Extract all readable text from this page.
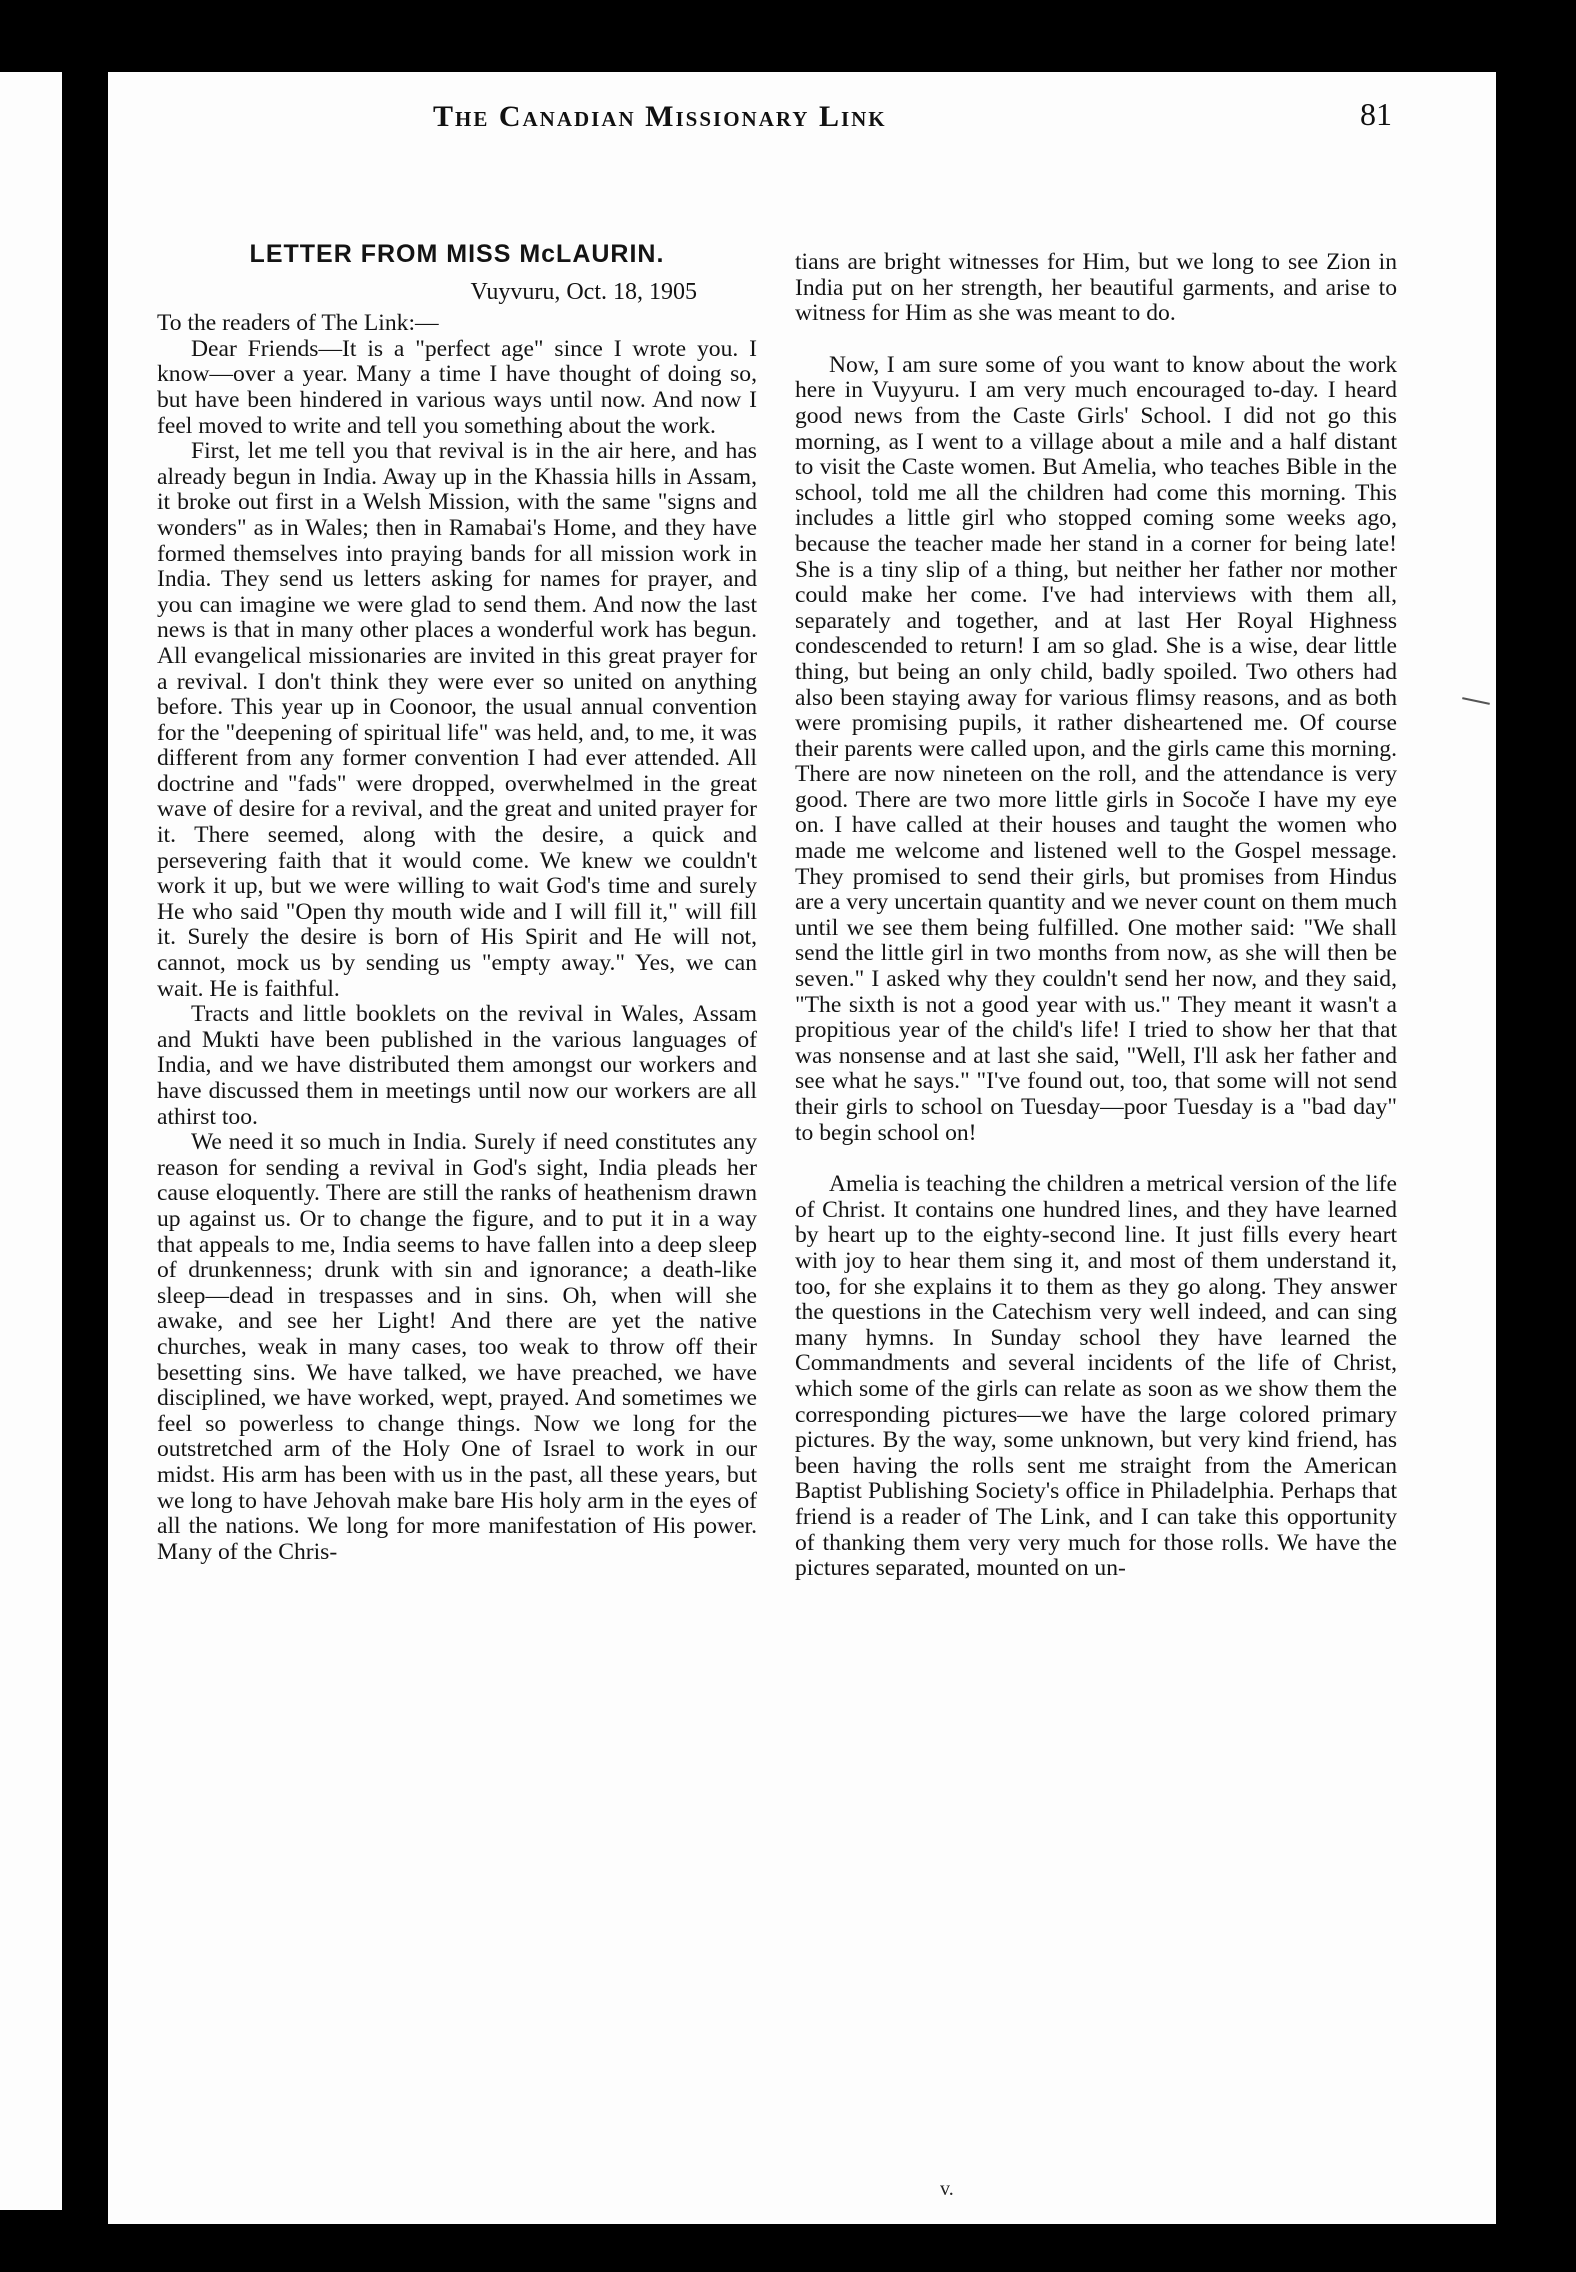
The Canadian Missionary Link	81
LETTER FROM MISS McLAURIN.
Vuyvuru, Oct. 18, 1905

To the readers of The Link:—

Dear Friends—It is a "perfect age" since I wrote you. I know—over a year. Many a time I have thought of doing so, but have been hindered in various ways until now. And now I feel moved to write and tell you something about the work.

First, let me tell you that revival is in the air here, and has already begun in India. Away up in the Khassia hills in Assam, it broke out first in a Welsh Mission, with the same "signs and wonders" as in Wales; then in Ramabai's Home, and they have formed themselves into praying bands for all mission work in India. They send us letters asking for names for prayer, and you can imagine we were glad to send them. And now the last news is that in many other places a wonderful work has begun. All evangelical missionaries are invited in this great prayer for a revival. I don't think they were ever so united on anything before. This year up in Coonoor, the usual annual convention for the "deepening of spiritual life" was held, and, to me, it was different from any former convention I had ever attended. All doctrine and "fads" were dropped, overwhelmed in the great wave of desire for a revival, and the great and united prayer for it. There seemed, along with the desire, a quick and persevering faith that it would come. We knew we couldn't work it up, but we were willing to wait God's time and surely He who said "Open thy mouth wide and I will fill it," will fill it. Surely the desire is born of His Spirit and He will not, cannot, mock us by sending us "empty away." Yes, we can wait. He is faithful.

Tracts and little booklets on the revival in Wales, Assam and Mukti have been published in the various languages of India, and we have distributed them amongst our workers and have discussed them in meetings until now our workers are all athirst too.

We need it so much in India. Surely if need constitutes any reason for sending a revival in God's sight, India pleads her cause eloquently. There are still the ranks of heathenism drawn up against us. Or to change the figure, and to put it in a way that appeals to me, India seems to have fallen into a deep sleep of drunkenness; drunk with sin and ignorance; a death-like sleep—dead in trespasses and in sins. Oh, when will she awake, and see her Light! And there are yet the native churches, weak in many cases, too weak to throw off their besetting sins. We have talked, we have preached, we have disciplined, we have worked, wept, prayed. And sometimes we feel so powerless to change things. Now we long for the outstretched arm of the Holy One of Israel to work in our midst. His arm has been with us in the past, all these years, but we long to have Jehovah make bare His holy arm in the eyes of all the nations. We long for more manifestation of His power. Many of the Chris-

tians are bright witnesses for Him, but we long to see Zion in India put on her strength, her beautiful garments, and arise to witness for Him as she was meant to do.

Now, I am sure some of you want to know about the work here in Vuyyuru. I am very much encouraged to-day. I heard good news from the Caste Girls' School. I did not go this morning, as I went to a village about a mile and a half distant to visit the Caste women. But Amelia, who teaches Bible in the school, told me all the children had come this morning. This includes a little girl who stopped coming some weeks ago, because the teacher made her stand in a corner for being late! She is a tiny slip of a thing, but neither her father nor mother could make her come. I've had interviews with them all, separately and together, and at last Her Royal Highness condescended to return! I am so glad. She is a wise, dear little thing, but being an only child, badly spoiled. Two others had also been staying away for various flimsy reasons, and as both were promising pupils, it rather disheartened me. Of course their parents were called upon, and the girls came this morning. There are now nineteen on the roll, and the attendance is very good. There are two more little girls in Socoče I have my eye on. I have called at their houses and taught the women who made me welcome and listened well to the Gospel message. They promised to send their girls, but promises from Hindus are a very uncertain quantity and we never count on them much until we see them being fulfilled. One mother said: "We shall send the little girl in two months from now, as she will then be seven." I asked why they couldn't send her now, and they said, "The sixth is not a good year with us." They meant it wasn't a propitious year of the child's life! I tried to show her that that was nonsense and at last she said, "Well, I'll ask her father and see what he says." "I've found out, too, that some will not send their girls to school on Tuesday—poor Tuesday is a "bad day" to begin school on!

Amelia is teaching the children a metrical version of the life of Christ. It contains one hundred lines, and they have learned by heart up to the eighty-second line. It just fills every heart with joy to hear them sing it, and most of them understand it, too, for she explains it to them as they go along. They answer the questions in the Catechism very well indeed, and can sing many hymns. In Sunday school they have learned the Commandments and several incidents of the life of Christ, which some of the girls can relate as soon as we show them the corresponding pictures—we have the large colored primary pictures. By the way, some unknown, but very kind friend, has been having the rolls sent me straight from the American Baptist Publishing Society's office in Philadelphia. Perhaps that friend is a reader of The Link, and I can take this opportunity of thanking them very very much for those rolls. We have the pictures separated, mounted on un-

v.
